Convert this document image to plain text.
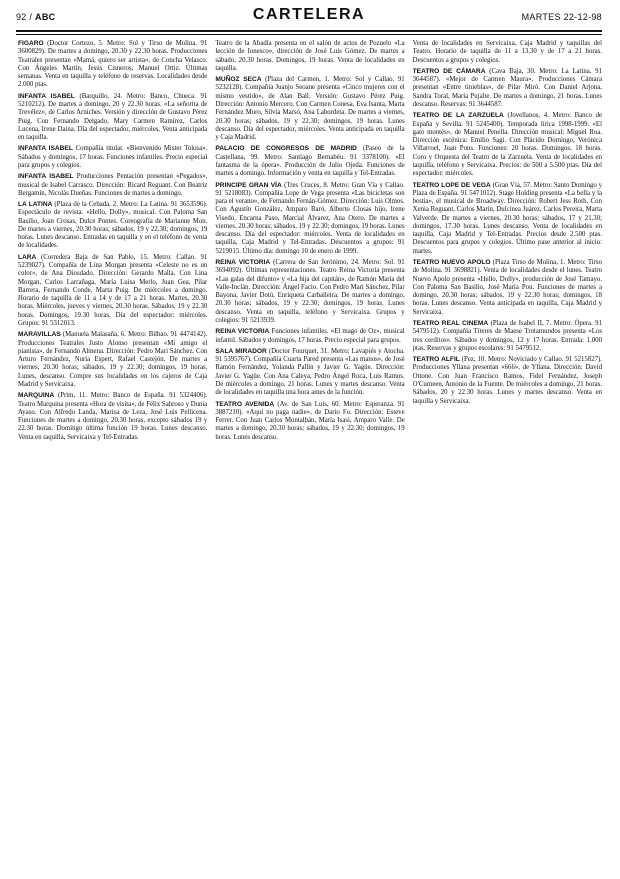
92 / ABC	CARTELERA	MARTES 22-12-98

FIGARO (Doctor Cortezo, 5. Metro: Sol y Tirso de Molina. 91 3600829). De martes a domingo, 20.30 y 22.30 horas. Producciones Teatrales presentan «Mamá, quiero ser artista», de Concha Velasco. Con Ángeles Martín, Jesús Cisneros, Manuel Ortiz. Últimas semanas. Venta en taquilla y teléfono de reservas. Localidades desde 2.000 ptas.

INFANTA ISABEL (Barquillo, 24. Metro: Banco, Chueca. 91 5210212). De martes a domingo, 20 y 22.30 horas. «La señorita de Trevélez», de Carlos Arniches. Versión y dirección de Gustavo Pérez Puig. Con Fernando Delgado, Mary Carmen Ramírez, Carlos Lucena, Irene Daina. Día del espectador, miércoles. Venta anticipada en taquilla.

INFANTA ISABEL Compañía titular. «Bienvenido Mister Tolosa». Sábados y domingos, 17 horas. Funciones infantiles. Precio especial para grupos y colegios.

INFANTA ISABEL Producciones Pentación presentan «Pegados», musical de Isabel Carrasco. Dirección: Ricard Reguant. Con Beatriz Bergamín, Nicolás Dueñas. Funciones de martes a domingo.

LA LATINA (Plaza de la Cebada, 2. Metro: La Latina. 91 3653596). Espectáculo de revista. «Hello, Dolly», musical. Con Paloma San Basilio, Joan Crosas, Dulce Pontes. Coreografía de Marianne Mon. De martes a viernes, 20.30 horas; sábados, 19 y 22.30; domingos, 19 horas. Lunes descanso. Entradas en taquilla y en el teléfono de venta de localidades.

LARA (Corredera Baja de San Pablo, 15. Metro: Callao. 91 5239027). Compañía de Lina Morgan presenta «Celeste no es un color», de Ana Diosdado. Dirección: Gerardo Malla. Con Lina Morgan, Carlos Larrañaga, María Luisa Merlo, Juan Gea, Pilar Barrera, Fernando Conde, Marta Puig. De miércoles a domingo. Horario de taquilla de 11 a 14 y de 17 a 21 horas. Martes, 20.30 horas. Miércoles, jueves y viernes, 20.30 horas. Sábados, 19 y 22.30 horas. Domingos, 19.30 horas. Día del espectador: miércoles. Grupos: 91 5312013.

MARAVILLAS (Manuela Malasaña, 6. Metro: Bilbao. 91 4474142). Producciones Teatrales Justo Alonso presentan «Mi amigo el pianista», de Fernando Almena. Dirección: Pedro Mari Sánchez. Con Arturo Fernández, Nuria Espert, Rafael Castejón. De martes a viernes, 20.30 horas; sábados, 19 y 22.30; domingos, 19 horas. Lunes, descanso. Compre sus localidades en los cajeros de Caja Madrid y Servicaixa.

MARQUINA (Prim, 11. Metro: Banco de España. 91 5324406). Teatro Marquina presenta «Hora de visita», de Félix Sabroso y Dunia Ayaso. Con Alfredo Landa, Marisa de Leza, José Luis Pellicena. Funciones de martes a domingo, 20.30 horas, excepto sábados 19 y 22.30 horas. Domingo última función 19 horas. Lunes descanso. Venta en taquilla, Servicaixa y Tel-Entradas.

Teatro de la Abadía presenta en el salón de actos de Pozuelo «La lección de Ionesco», dirección de José Luis Gómez. De martes a sábado, 20.30 horas. Domingos, 19 horas. Venta de localidades en taquilla.

MUÑOZ SECA (Plaza del Carmen, 1. Metro: Sol y Callao. 91 5232128). Compañía Juanjo Seoane presenta «Cinco mujeres con el mismo vestido», de Alan Ball. Versión: Gustavo Pérez Puig. Dirección: Antonio Mercero. Con Carmen Conesa, Eva Isanta, Marta Fernández Muro, Silvia Marsó, Ana Labordeta. De martes a viernes, 20.30 horas; sábados, 19 y 22.30; domingos, 19 horas. Lunes descanso. Día del espectador, miércoles. Venta anticipada en taquilla y Caja Madrid.

PALACIO DE CONGRESOS DE MADRID (Paseo de la Castellana, 99. Metro: Santiago Bernabéu. 91 3378100). «El fantasma de la ópera». Producción de Julio Ojeda. Funciones de martes a domingo. Información y venta en taquilla y Tel-Entradas.

PRINCIPE GRAN VÍA (Tres Cruces, 8. Metro: Gran Vía y Callao. 91 5218083). Compañía Lope de Vega presenta «Las bicicletas son para el verano», de Fernando Fernán-Gómez. Dirección: Luis Olmos. Con Agustín González, Amparo Baró, Alberto Closas hijo, Irene Visedo, Encarna Paso, Marcial Álvarez, Ana Otero. De martes a viernes, 20.30 horas; sábados, 19 y 22.30; domingos, 19 horas. Lunes descanso. Día del espectador: miércoles. Venta de localidades en taquilla, Caja Madrid y Tel-Entradas. Descuentos a grupos: 91 5219015. Último día: domingo 10 de enero de 1999.

REINA VICTORIA (Carrera de San Jerónimo, 24. Metro: Sol. 91 3694092). Últimas representaciones. Teatro Reina Victoria presenta «Las galas del difunto» y «La hija del capitán», de Ramón María del Valle-Inclán. Dirección: Ángel Facio. Con Pedro Mari Sánchez, Pilar Bayona, Javier Dotú, Enriqueta Carballeira. De martes a domingo, 20.30 horas; sábados, 19 y 22.30; domingos, 19 horas. Lunes descanso. Venta en taquilla, teléfono y Servicaixa. Grupos y colegios: 91 5213939.

REINA VICTORIA Funciones infantiles. «El mago de Oz», musical infantil. Sábados y domingos, 17 horas. Precio especial para grupos.

SALA MIRADOR (Doctor Fourquet, 31. Metro: Lavapiés y Atocha. 91 5395767). Compañía Cuarta Pared presenta «Las manos», de José Ramón Fernández, Yolanda Pallín y Javier G. Yagüe. Dirección: Javier G. Yagüe. Con Ana Caleya, Pedro Ángel Roca, Luis Ramos. De miércoles a domingo, 21 horas. Lunes y martes descanso. Venta de localidades en taquilla una hora antes de la función.

TEATRO AVENIDA (Av. de San Luis, 60. Metro: Esperanza. 91 3887210). «Aquí no paga nadie», de Dario Fo. Dirección: Esteve Ferrer. Con Juan Carlos Montalbán, María Isasi, Amparo Valle. De martes a domingo, 20.30 horas; sábados, 19 y 22.30; domingos, 19 horas. Lunes descanso.

Venta de localidades en Servicaixa, Caja Madrid y taquillas del Teatro. Horario de taquilla de 11 a 13.30 y de 17 a 21 horas. Descuentos a grupos y colegios.

TEATRO DE CÁMARA (Cava Baja, 30. Metro: La Latina. 91 3644587). «Mejor de Carmen Maura». Producciones Cámara presentan «Entre tinieblas», de Pilar Miró. Con Daniel Arjona, Sandra Toral, María Pujalte. De martes a domingo, 21 horas. Lunes descanso. Reservas: 91 3644587.

TEATRO DE LA ZARZUELA (Jovellanos, 4. Metro: Banco de España y Sevilla. 91 5245400). Temporada lírica 1998-1999. «El gato montés», de Manuel Penella. Dirección musical: Miguel Roa. Dirección escénica: Emilio Sagi. Con Plácido Domingo, Verónica Villarroel, Juan Pons. Funciones: 20 horas. Domingos, 18 horas. Coro y Orquesta del Teatro de la Zarzuela. Venta de localidades en taquilla, teléfono y Servicaixa. Precios: de 500 a 5.500 ptas. Día del espectador: miércoles.

TEATRO LOPE DE VEGA (Gran Vía, 57. Metro: Santo Domingo y Plaza de España. 91 5471012). Stage Holding presenta «La bella y la bestia», el musical de Broadway. Dirección: Robert Jess Roth. Con Xenia Reguant, Carlos Marín, Dulcinea Juárez, Carlos Pereira, Marta Valverde. De martes a viernes, 20.30 horas; sábados, 17 y 21.30; domingos, 17.30 horas. Lunes descanso. Venta de localidades en taquilla, Caja Madrid y Tel-Entradas. Precios desde 2.500 ptas. Descuentos para grupos y colegios. Último pase anterior al inicio: martes.

TEATRO NUEVO APOLO (Plaza Tirso de Molina, 1. Metro: Tirso de Molina. 91 3698821). Venta de localidades desde el lunes. Teatro Nuevo Apolo presenta «Hello, Dolly», producción de José Tamayo. Con Paloma San Basilio, José María Pou. Funciones de martes a domingo, 20.30 horas; sábados, 19 y 22.30 horas; domingos, 18 horas. Lunes descanso. Venta anticipada en taquilla, Caja Madrid y Servicaixa.

TEATRO REAL CINEMA (Plaza de Isabel II, 7. Metro: Ópera. 91 5479512). Compañía Títeres de Maese Trotamundos presenta «Los tres cerditos». Sábados y domingos, 12 y 17 horas. Entrada: 1.000 ptas. Reservas y grupos escolares: 91 5479512.

TEATRO ALFIL (Pez, 10. Metro: Noviciado y Callao. 91 5215827). Producciones Yllana presentan «666», de Yllana. Dirección: David Ottone. Con Juan Francisco Ramos, Fidel Fernández, Joseph O'Curneen, Antonio de la Fuente. De miércoles a domingo, 21 horas. Sábados, 20 y 22.30 horas. Lunes y martes descanso. Venta en taquilla y Servicaixa.
